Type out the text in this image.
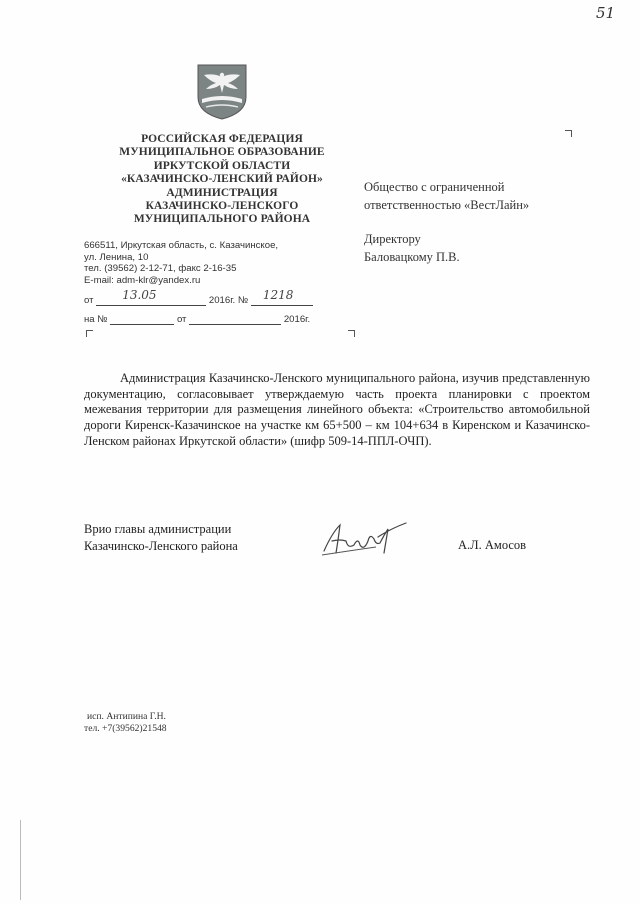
51
РОССИЙСКАЯ ФЕДЕРАЦИЯ
МУНИЦИПАЛЬНОЕ ОБРАЗОВАНИЕ
ИРКУТСКОЙ ОБЛАСТИ
«КАЗАЧИНСКО-ЛЕНСКИЙ РАЙОН»
АДМИНИСТРАЦИЯ
КАЗАЧИНСКО-ЛЕНСКОГО
МУНИЦИПАЛЬНОГО РАЙОНА
666511, Иркутская область, с. Казачинское,
ул. Ленина, 10
тел. (39562) 2-12-71, факс 2-16-35
E-mail: adm-klr@yandex.ru
от 13.05	2016г. № 1218
на №	от	2016г.
Общество с ограниченной
ответственностью «ВестЛайн»
Директору
Баловацкому П.В.
Администрация Казачинско-Ленского муниципального района, изучив представленную документацию, согласовывает утверждаемую часть проекта планировки с проектом межевания территории для размещения линейного объекта: «Строительство автомобильной дороги Киренск-Казачинское на участке км 65+500 – км 104+634 в Киренском и Казачинско-Ленском районах Иркутской области» (шифр 509-14-ППЛ-ОЧП).
Врио главы администрации
Казачинско-Ленского района	А.Л. Амосов
исп. Антипина Г.Н.
тел. +7(39562)21548
